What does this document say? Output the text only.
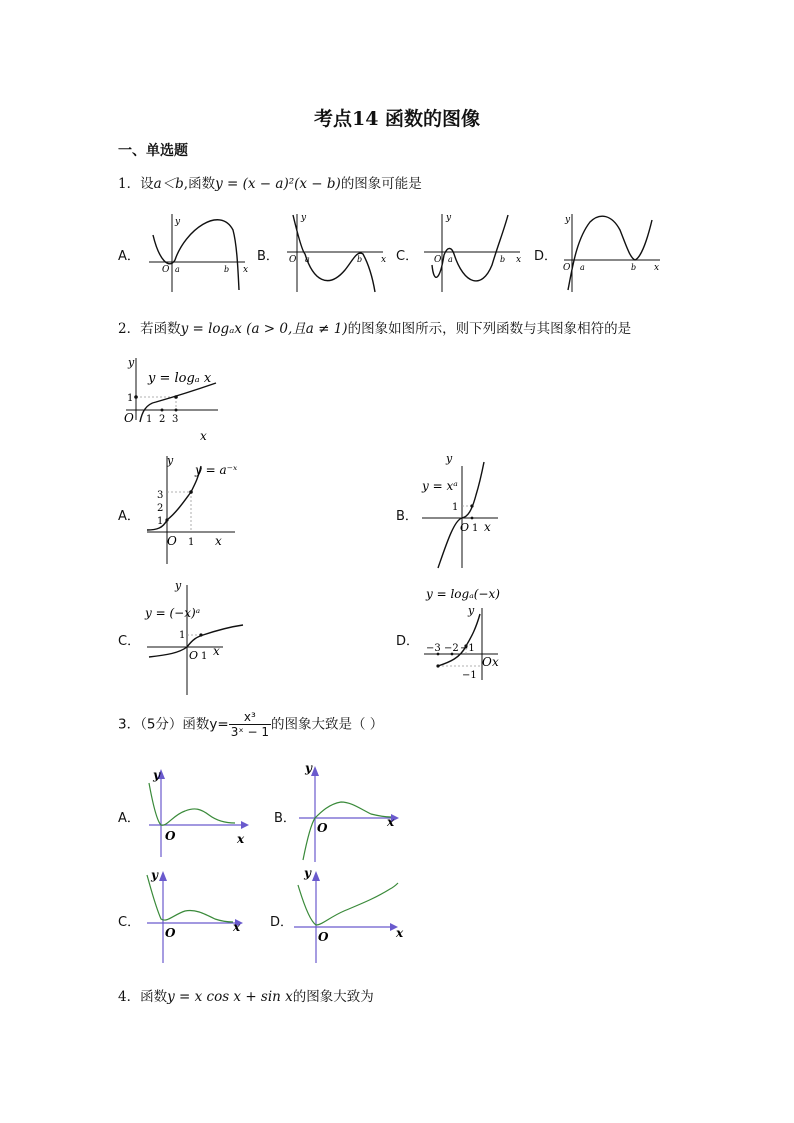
考点14 函数的图像
一、单选题
1．设a＜b,函数y = (x − a)²(x − b)的图象可能是
A．
y
x
O a	b
B．
y
x
O a	b	C．
y
x
O a	b D．
y
x
O a	b
2．若函数y = logₐx (a > 0,且a ≠ 1)的图象如图所示，则下列函数与其图象相符的是
y
y = logₐ x
1
O 1 2 3
x
A．
y
y = a⁻ˣ
3
2
1
O 1 x
B．
y
y = xᵃ
1
O 1 x
C．
y
y = (−x)ᵃ
1
O 1 x
D．
y = logₐ(−x)
y
−3 −2 −1
O x
−1
3．（5分）函数$y= \frac{\text{x³}}{\text{3ˣ − 1}}$ 的图象大致是（ ）
A．
y
O	x
B．
y
O	x
C．
y
O	x D．
y
O	x
4．函数y = x cos x + sin x的图象大致为
